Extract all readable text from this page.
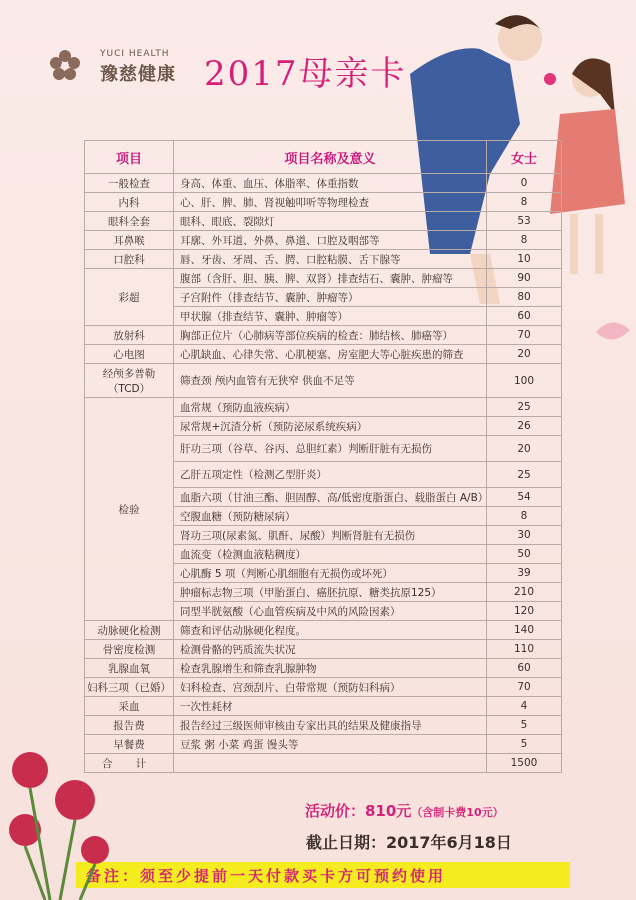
YUCI HEALTH
豫慈健康 2017母亲卡
项目	项目名称及意义	女士
一般检查	身高、体重、血压、体脂率、体重指数	0
内科	心、肝、脾、肺、肾视触叩听等物理检查	8
眼科全套	眼科、眼底、裂隙灯	53
耳鼻喉	耳廓、外耳道、外鼻、鼻道、口腔及咽部等	8
口腔科	唇、牙齿、牙周、舌、腭、口腔粘膜、舌下腺等	10
彩超	腹部（含肝、胆、胰、脾、双肾）排查结石、囊肿、肿瘤等	90
	子宫附件（排查结节、囊肿、肿瘤等）	80
	甲状腺（排查结节、囊肿、肿瘤等）	60
放射科	胸部正位片（心肺病等部位疾病的检查：肺结核、肺癌等）	70
心电图	心肌缺血、心律失常、心肌梗塞、房室肥大等心脏疾患的筛查	20
经颅多普勒（TCD）	筛查颈 颅内血管有无狭窄 供血不足等	100
检验	血常规（预防血液疾病）	25
	尿常规+沉渣分析（预防泌尿系统疾病）	26
	肝功三项（谷草、谷丙、总胆红素）判断肝脏有无损伤	20
	乙肝五项定性（检测乙型肝炎）	25
	血脂六项（甘油三酯、胆固醇、高/低密度脂蛋白、载脂蛋白 A/B）	54
	空腹血糖（预防糖尿病）	8
	肾功三项(尿素氮、肌酐、尿酸）判断肾脏有无损伤	30
	血流变（检测血液粘稠度）	50
	心肌酶 5 项（判断心肌细胞有无损伤或坏死）	39
	肿瘤标志物三项（甲胎蛋白、癌胚抗原、糖类抗原125）	210
	同型半胱氨酸（心血管疾病及中风的风险因素）	120
动脉硬化检测	筛查和评估动脉硬化程度。	140
骨密度检测	检测骨骼的钙质流失状况	110
乳腺血氧	检查乳腺增生和筛查乳腺肿物	60
妇科三项（已婚）	妇科检查、宫颈刮片、白带常规（预防妇科病）	70
采血	一次性耗材	4
报告费	报告经过三级医师审核由专家出具的结果及健康指导	5
早餐费	豆浆 粥 小菜 鸡蛋 馒头等	5
合 计		1500
活动价：810元（含制卡费10元）
截止日期：2017年6月18日
备注：须至少提前一天付款买卡方可预约使用
